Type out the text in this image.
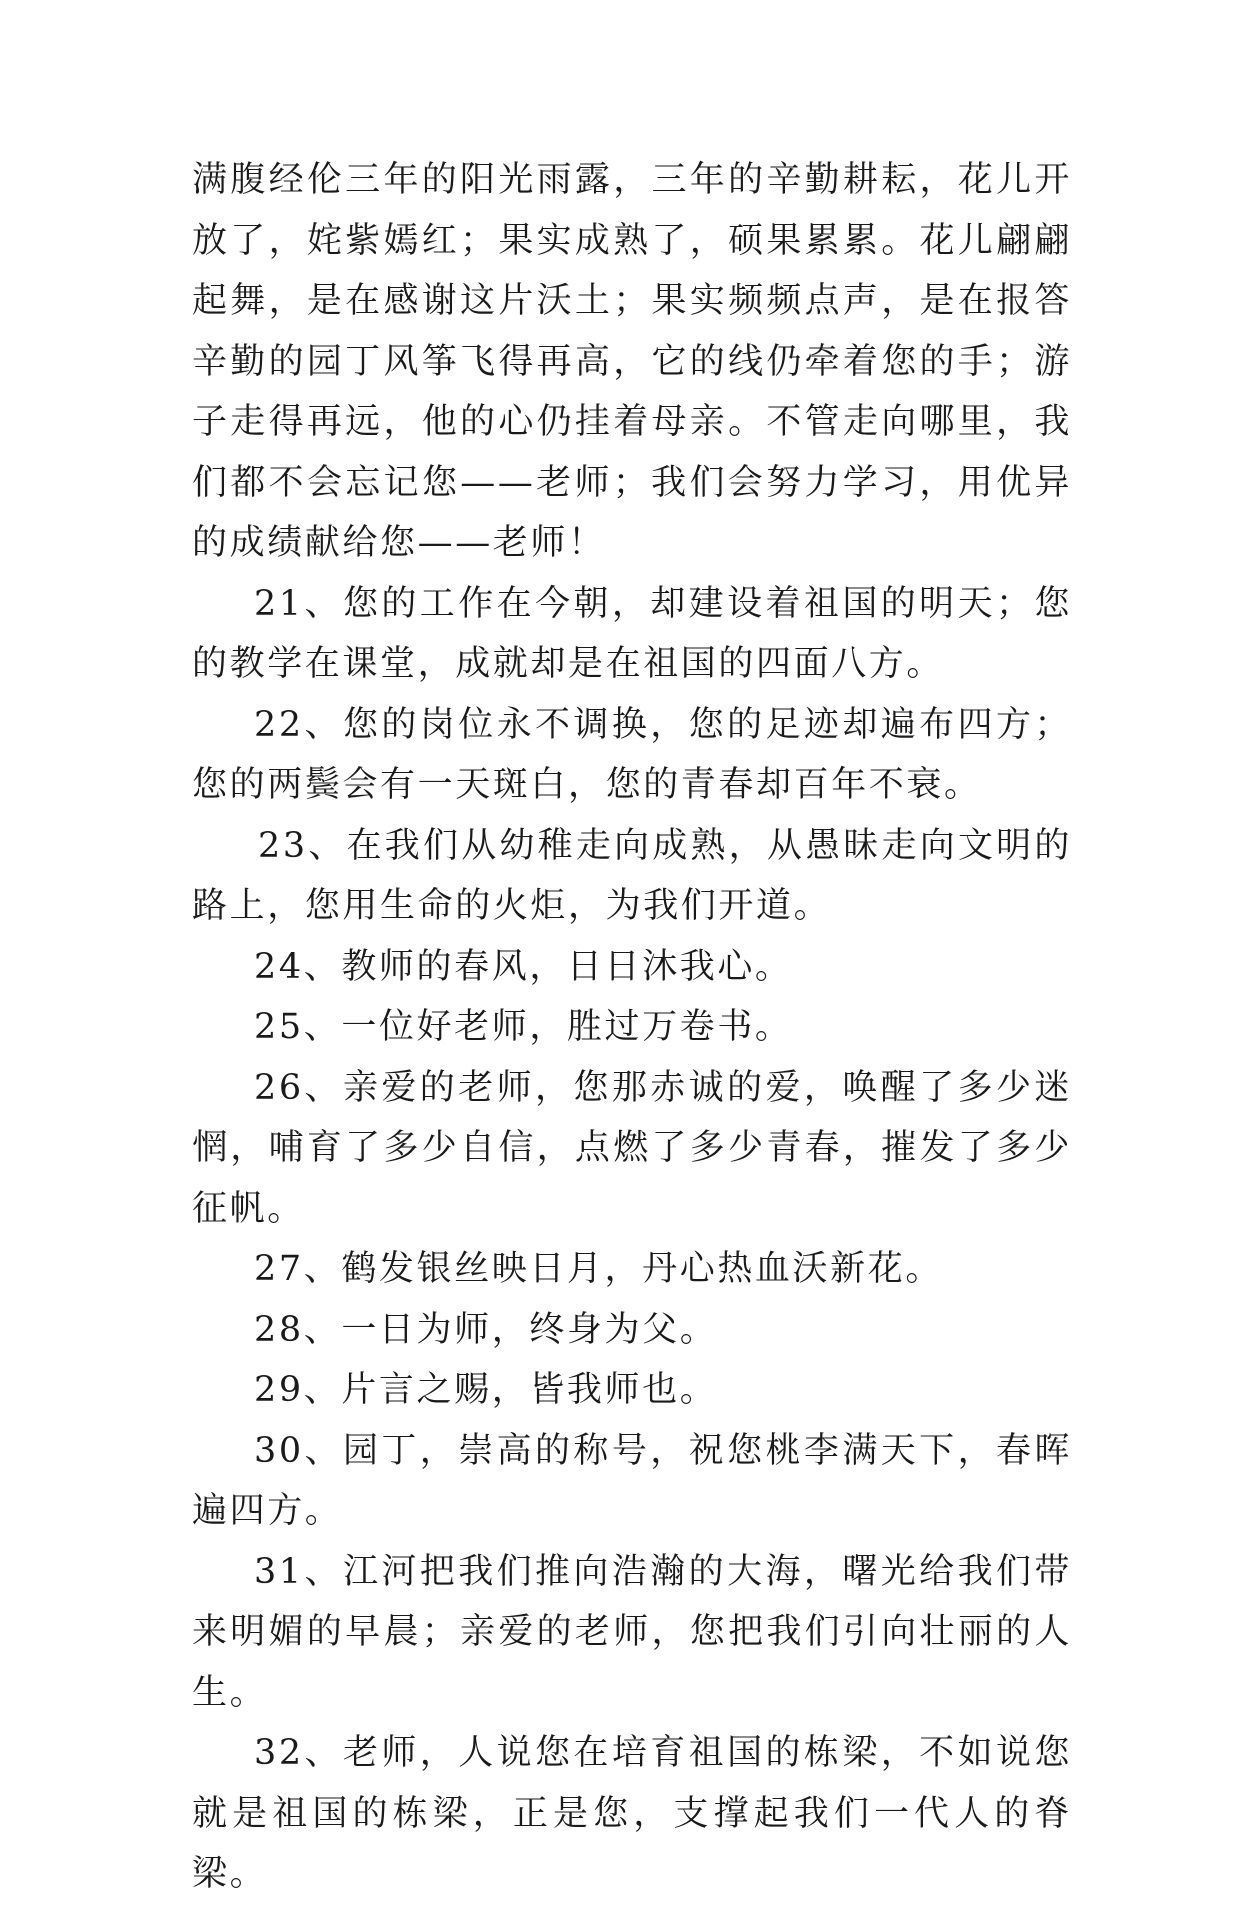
满腹经伦三年的阳光雨露，三年的辛勤耕耘，花儿开放了，姹紫嫣红；果实成熟了，硕果累累。花儿翩翩起舞，是在感谢这片沃土；果实频频点声，是在报答辛勤的园丁风筝飞得再高，它的线仍牵着您的手；游子走得再远，他的心仍挂着母亲。不管走向哪里，我们都不会忘记您——老师；我们会努力学习，用优异的成绩献给您——老师！

21、您的工作在今朝，却建设着祖国的明天；您的教学在课堂，成就却是在祖国的四面八方。

22、您的岗位永不调换，您的足迹却遍布四方；您的两鬓会有一天斑白，您的青春却百年不衰。

23、在我们从幼稚走向成熟，从愚昧走向文明的路上，您用生命的火炬，为我们开道。

24、教师的春风，日日沐我心。

25、一位好老师，胜过万卷书。

26、亲爱的老师，您那赤诚的爱，唤醒了多少迷惘，哺育了多少自信，点燃了多少青春，摧发了多少征帆。

27、鹤发银丝映日月，丹心热血沃新花。

28、一日为师，终身为父。

29、片言之赐，皆我师也。

30、园丁，崇高的称号，祝您桃李满天下，春晖遍四方。

31、江河把我们推向浩瀚的大海，曙光给我们带来明媚的早晨；亲爱的老师，您把我们引向壮丽的人生。

32、老师，人说您在培育祖国的栋梁，不如说您就是祖国的栋梁，正是您，支撑起我们一代人的脊梁。
